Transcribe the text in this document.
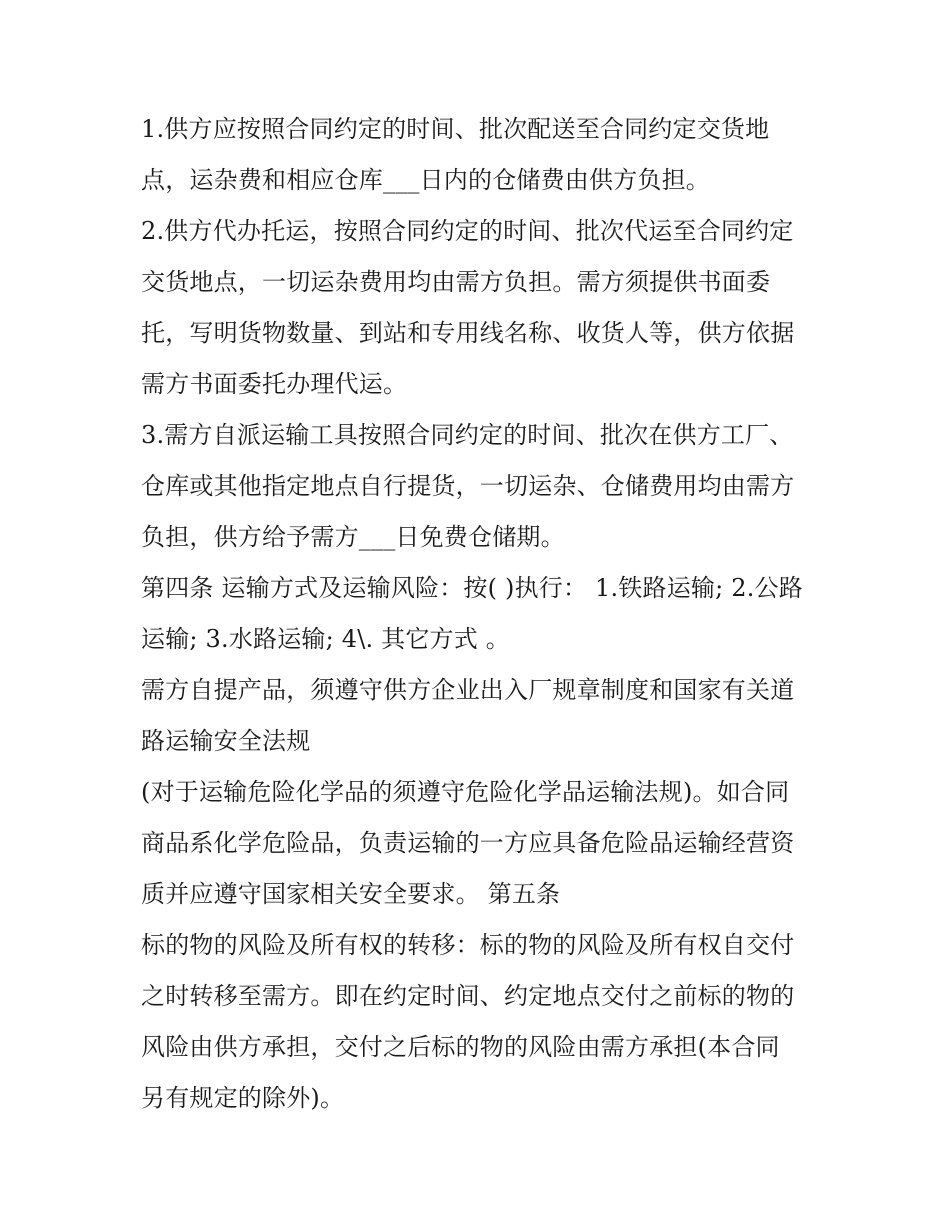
1.供方应按照合同约定的时间、批次配送至合同约定交货地
点，运杂费和相应仓库___日内的仓储费由供方负担。
2.供方代办托运，按照合同约定的时间、批次代运至合同约定
交货地点，一切运杂费用均由需方负担。需方须提供书面委
托，写明货物数量、到站和专用线名称、收货人等，供方依据
需方书面委托办理代运。
3.需方自派运输工具按照合同约定的时间、批次在供方工厂、
仓库或其他指定地点自行提货，一切运杂、仓储费用均由需方
负担，供方给予需方___日免费仓储期。
第四条 运输方式及运输风险：按( )执行： 1.铁路运输; 2.公路
运输; 3.水路运输; 4\. 其它方式 。
需方自提产品，须遵守供方企业出入厂规章制度和国家有关道
路运输安全法规
(对于运输危险化学品的须遵守危险化学品运输法规)。如合同
商品系化学危险品，负责运输的一方应具备危险品运输经营资
质并应遵守国家相关安全要求。 第五条
标的物的风险及所有权的转移：标的物的风险及所有权自交付
之时转移至需方。即在约定时间、约定地点交付之前标的物的
风险由供方承担，交付之后标的物的风险由需方承担(本合同
另有规定的除外)。
